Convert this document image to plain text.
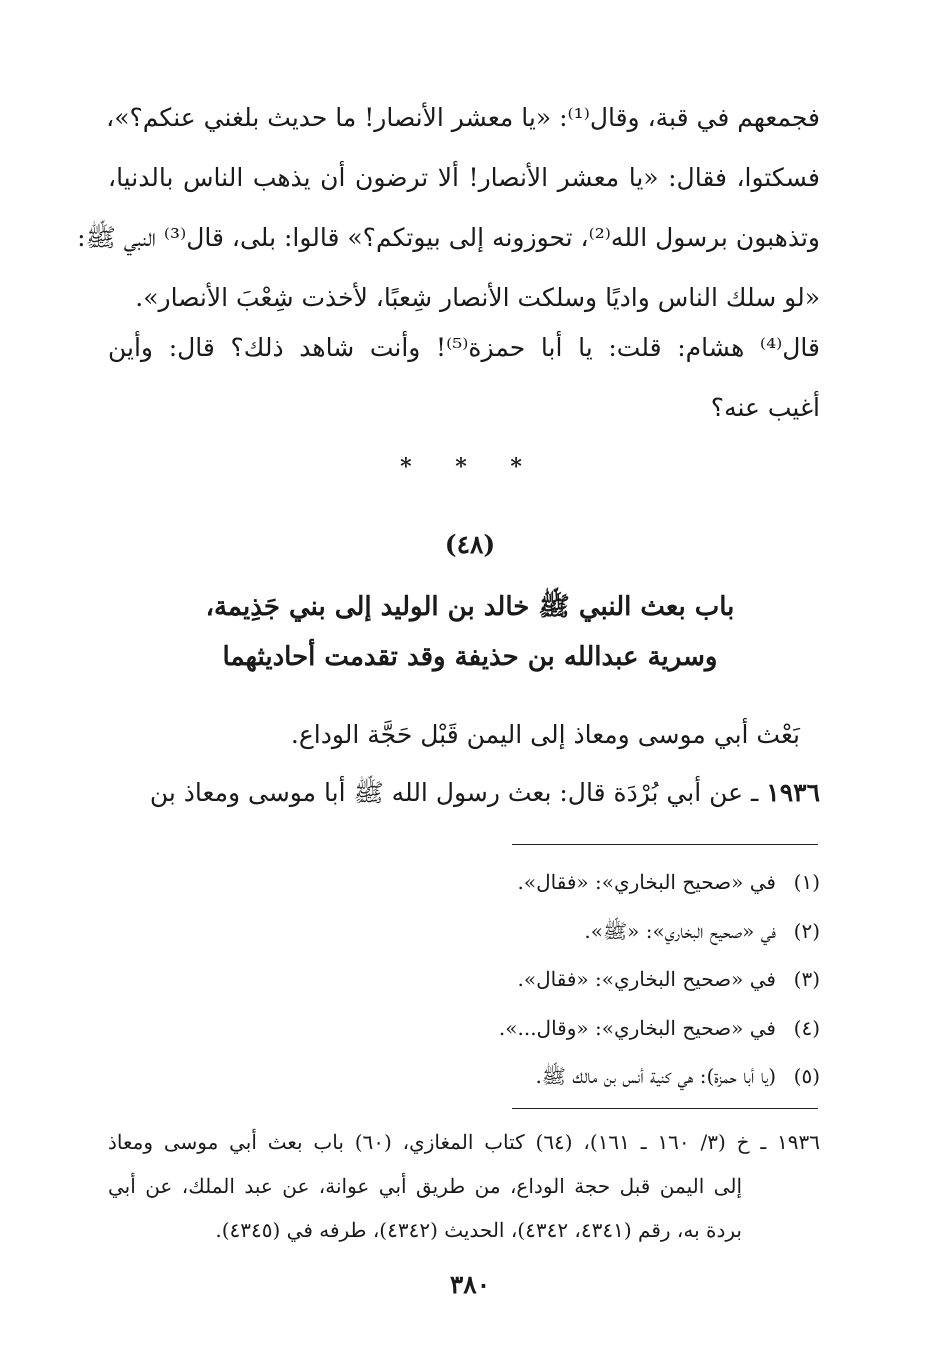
فجمعهم في قبة، وقال⁽¹⁾: «يا معشر الأنصار! ما حديث بلغني عنكم؟»،
فسكتوا، فقال: «يا معشر الأنصار! ألا ترضون أن يذهب الناس بالدنيا،
وتذهبون برسول الله⁽²⁾، تحوزونه إلى بيوتكم؟» قالوا: بلى، قال⁽³⁾ النبي ﷺ:
«لو سلك الناس واديًا وسلكت الأنصار شِعبًا، لأخذت شِعْبَ الأنصار».
قال⁽⁴⁾ هشام: قلت: يا أبا حمزة⁽⁵⁾! وأنت شاهد ذلك؟ قال: وأين
أغيب عنه؟
* * *
(٤٨)
باب بعث النبي ﷺ خالد بن الوليد إلى بني جَذِيمة،
وسرية عبدالله بن حذيفة وقد تقدمت أحاديثهما
بَعْث أبي موسى ومعاذ إلى اليمن قَبْل حَجَّة الوداع.
١٩٣٦ ـ عن أبي بُرْدَة قال: بعث رسول الله ﷺ أبا موسى ومعاذ بن
(١)في «صحيح البخاري»: «فقال».
(٢)في «صحيح البخاري»: «ﷺ».
(٣)في «صحيح البخاري»: «فقال».
(٤)في «صحيح البخاري»: «وقال...».
(٥)(يا أبا حمزة): هي كنية أنس بن مالك ﷺ.
١٩٣٦ ـ خ (٣/ ١٦٠ ـ ١٦١)، (٦٤) كتاب المغازي، (٦٠) باب بعث أبي موسى ومعاذ
إلى اليمن قبل حجة الوداع، من طريق أبي عوانة، عن عبد الملك، عن أبي
بردة به، رقم (٤٣٤١، ٤٣٤٢)، الحديث (٤٣٤٢)، طرفه في (٤٣٤٥).
٣٨٠
